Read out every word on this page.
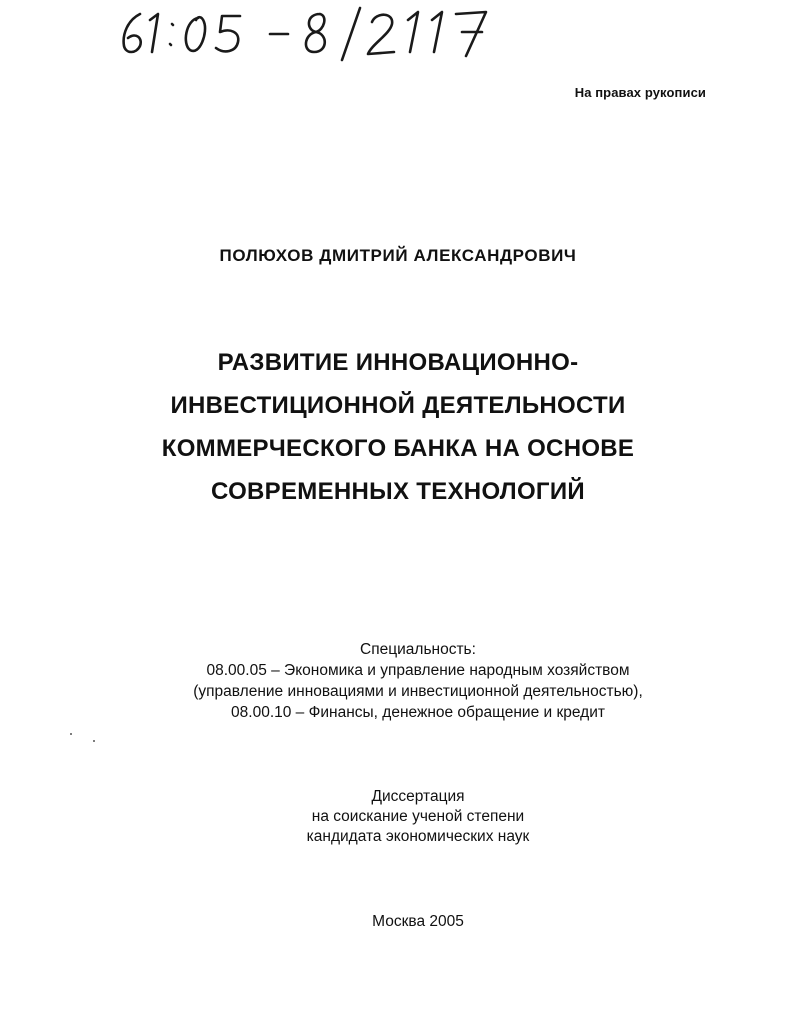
На правах рукописи
ПОЛЮХОВ ДМИТРИЙ АЛЕКСАНДРОВИЧ
РАЗВИТИЕ ИННОВАЦИОННО-
ИНВЕСТИЦИОННОЙ ДЕЯТЕЛЬНОСТИ
КОММЕРЧЕСКОГО БАНКА НА ОСНОВЕ
СОВРЕМЕННЫХ ТЕХНОЛОГИЙ
Специальность:
08.00.05 – Экономика и управление народным хозяйством
(управление инновациями и инвестиционной деятельностью),
08.00.10 – Финансы, денежное обращение и кредит
Диссертация
на соискание ученой степени
кандидата экономических наук
Москва 2005
